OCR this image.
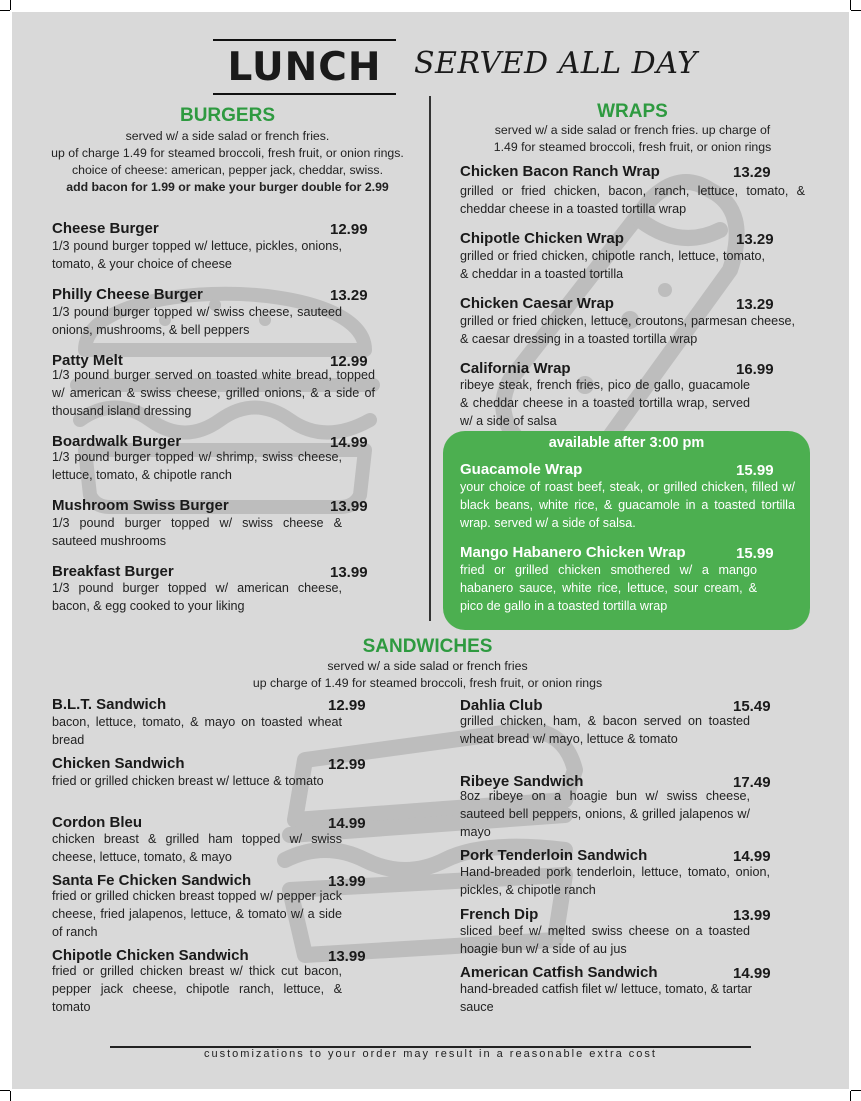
LUNCH	SERVED ALL DAY
BURGERS
served w/ a side salad or french fries.
up of charge 1.49 for steamed broccoli, fresh fruit, or onion rings.
choice of cheese: american, pepper jack, cheddar, swiss.
add bacon for 1.99 or make your burger double for 2.99
Cheese Burger	12.99
1/3 pound burger topped w/ lettuce, pickles, onions, tomato, & your choice of cheese
Philly Cheese Burger	13.29
1/3 pound burger topped w/ swiss cheese, sauteed onions, mushrooms, & bell peppers
Patty Melt	12.99
1/3 pound burger served on toasted white bread, topped w/ american & swiss cheese, grilled onions, & a side of thousand island dressing
Boardwalk Burger	14.99
1/3 pound burger topped w/ shrimp, swiss cheese, lettuce, tomato, & chipotle ranch
Mushroom Swiss Burger	13.99
1/3 pound burger topped w/ swiss cheese & sauteed mushrooms
Breakfast Burger	13.99
1/3 pound burger topped w/ american cheese, bacon, & egg cooked to your liking
WRAPS
served w/ a side salad or french fries. up charge of
1.49 for steamed broccoli, fresh fruit, or onion rings
Chicken Bacon Ranch Wrap	13.29
grilled or fried chicken, bacon, ranch, lettuce, tomato, & cheddar cheese in a toasted tortilla wrap
Chipotle Chicken Wrap	13.29
grilled or fried chicken, chipotle ranch, lettuce, tomato, & cheddar in a toasted tortilla
Chicken Caesar Wrap	13.29
grilled or fried chicken, lettuce, croutons, parmesan cheese, & caesar dressing in a toasted tortilla wrap
California Wrap	16.99
ribeye steak, french fries, pico de gallo, guacamole & cheddar cheese in a toasted tortilla wrap, served w/ a side of salsa
available after 3:00 pm
Guacamole Wrap	15.99
your choice of roast beef, steak, or grilled chicken, filled w/ black beans, white rice, & guacamole in a toasted tortilla wrap. served w/ a side of salsa.
Mango Habanero Chicken Wrap	15.99
fried or grilled chicken smothered w/ a mango habanero sauce, white rice, lettuce, sour cream, & pico de gallo in a toasted tortilla wrap
SANDWICHES
served w/ a side salad or french fries
up charge of 1.49 for steamed broccoli, fresh fruit, or onion rings
B.L.T. Sandwich	12.99
bacon, lettuce, tomato, & mayo on toasted wheat bread
Chicken Sandwich	12.99
fried or grilled chicken breast w/ lettuce & tomato
Cordon Bleu	14.99
chicken breast & grilled ham topped w/ swiss cheese, lettuce, tomato, & mayo
Santa Fe Chicken Sandwich	13.99
fried or grilled chicken breast topped w/ pepper jack cheese, fried jalapenos, lettuce, & tomato w/ a side of ranch
Chipotle Chicken Sandwich	13.99
fried or grilled chicken breast w/ thick cut bacon, pepper jack cheese, chipotle ranch, lettuce, & tomato
Dahlia Club	15.49
grilled chicken, ham, & bacon served on toasted wheat bread w/ mayo, lettuce & tomato
Ribeye Sandwich	17.49
8oz ribeye on a hoagie bun w/ swiss cheese, sauteed bell peppers, onions, & grilled jalapenos w/ mayo
Pork Tenderloin Sandwich	14.99
Hand-breaded pork tenderloin, lettuce, tomato, onion, pickles, & chipotle ranch
French Dip	13.99
sliced beef w/ melted swiss cheese on a toasted hoagie bun w/ a side of au jus
American Catfish Sandwich	14.99
hand-breaded catfish filet w/ lettuce, tomato, & tartar sauce
customizations to your order may result in a reasonable extra cost
